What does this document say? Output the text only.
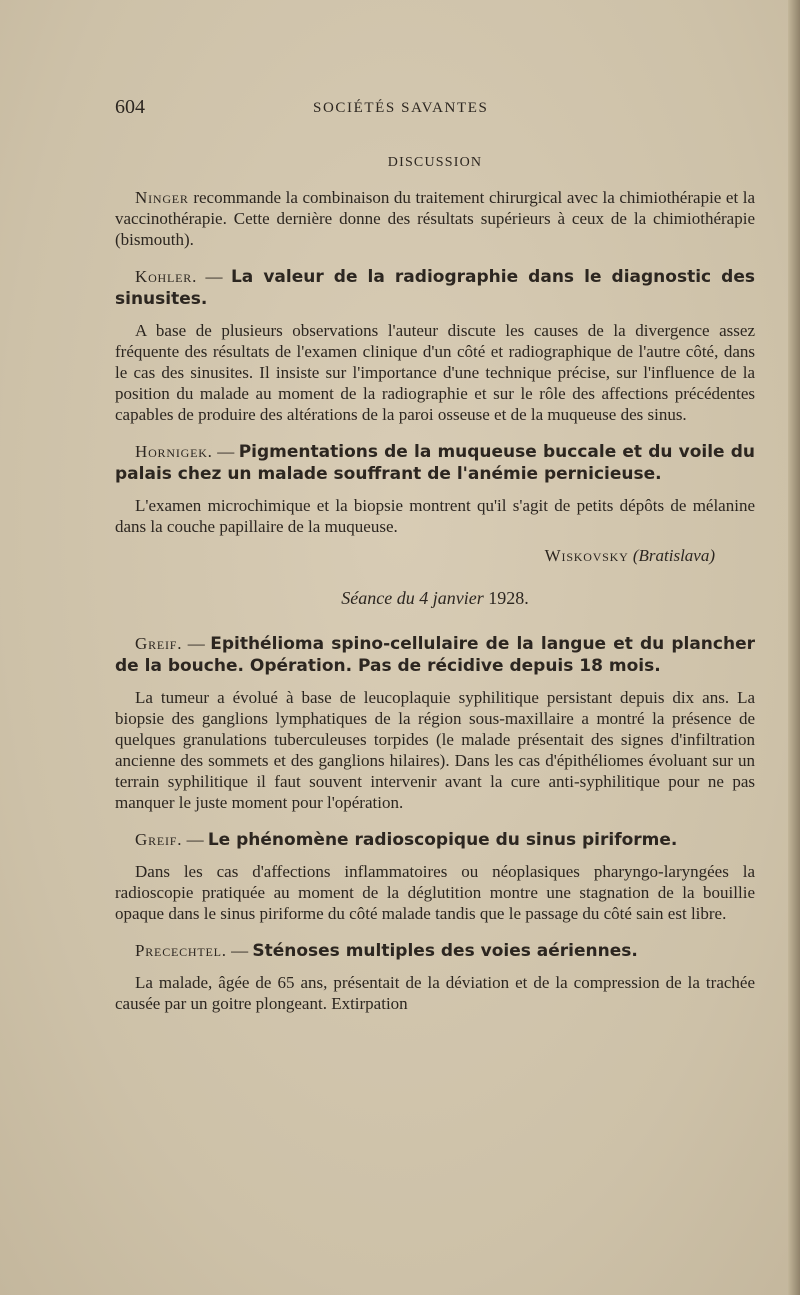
604	SOCIÉTÉS SAVANTES
DISCUSSION

Ninger recommande la combinaison du traitement chirurgical avec la chimiothérapie et la vaccinothérapie. Cette dernière donne des résultats supérieurs à ceux de la chimiothérapie (bismouth).

Kohler. — La valeur de la radiographie dans le diagnostic des sinusites.

A base de plusieurs observations l'auteur discute les causes de la divergence assez fréquente des résultats de l'examen clinique d'un côté et radiographique de l'autre côté, dans le cas des sinusites. Il insiste sur l'importance d'une technique précise, sur l'influence de la position du malade au moment de la radiographie et sur le rôle des affections précédentes capables de produire des altérations de la paroi osseuse et de la muqueuse des sinus.

Hornigek. — Pigmentations de la muqueuse buccale et du voile du palais chez un malade souffrant de l'anémie pernicieuse.

L'examen microchimique et la biopsie montrent qu'il s'agit de petits dépôts de mélanine dans la couche papillaire de la muqueuse.

Wiskovsky (Bratislava)

Séance du 4 janvier 1928.

Greif. — Epithélioma spino-cellulaire de la langue et du plancher de la bouche. Opération. Pas de récidive depuis 18 mois.

La tumeur a évolué à base de leucoplaquie syphilitique persistant depuis dix ans. La biopsie des ganglions lymphatiques de la région sous-maxillaire a montré la présence de quelques granulations tuberculeuses torpides (le malade présentait des signes d'infiltration ancienne des sommets et des ganglions hilaires). Dans les cas d'épithéliomes évoluant sur un terrain syphilitique il faut souvent intervenir avant la cure anti-syphilitique pour ne pas manquer le juste moment pour l'opération.

Greif. — Le phénomène radioscopique du sinus piriforme.

Dans les cas d'affections inflammatoires ou néoplasiques pharyngo-laryngées la radioscopie pratiquée au moment de la déglutition montre une stagnation de la bouillie opaque dans le sinus piriforme du côté malade tandis que le passage du côté sain est libre.

Precechtel. — Sténoses multiples des voies aériennes.

La malade, âgée de 65 ans, présentait de la déviation et de la compression de la trachée causée par un goitre plongeant. Extirpation
